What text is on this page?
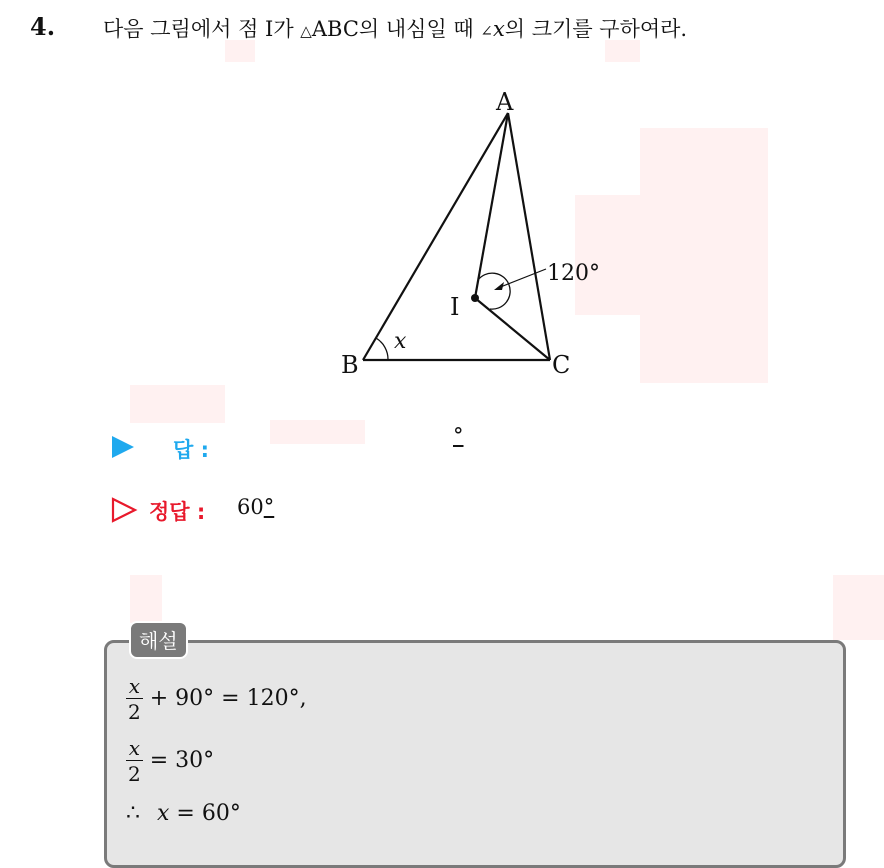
4. 다음 그림에서 점 I가 △ABC의 내심일 때 ∠x의 크기를 구하여라.
A
B	C
I
x
120°
답 :
°
정답 : 60°
해설
$\frac{x}{2} + 90^\circ = 120^\circ$,
$\frac{x}{2} = 30^\circ$
∴ x = 60°
